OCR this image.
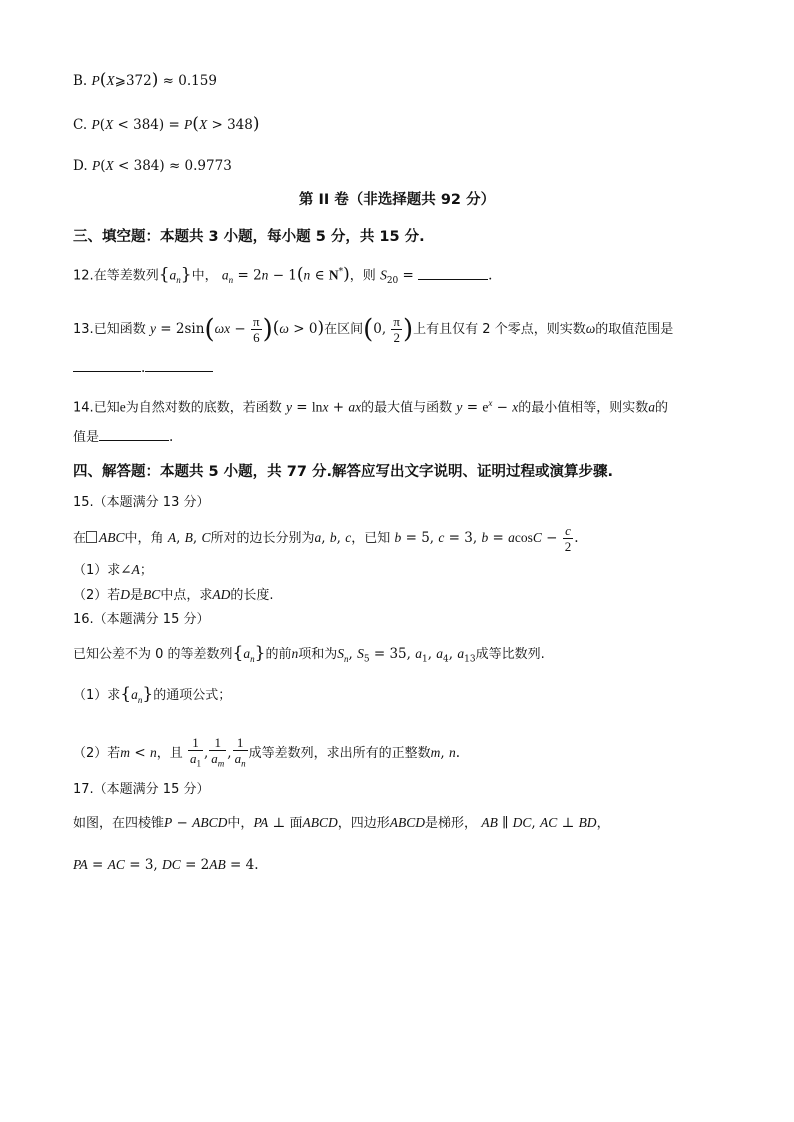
B. P(X⩾372) ≈ 0.159
C. P(X < 384) = P(X > 348)
D. P(X < 384) ≈ 0.9773
第 II 卷（非选择题共 92 分）
三、填空题：本题共 3 小题，每小题 5 分，共 15 分.
12.在等差数列$\{a_n\}$中， $a_n = 2n - 1(n$ ∈ N*)，则 $S_{20}$ =	.
13.已知函数 $y = 2\sin(\omega x - \frac{\pi}{6} )(\omega > 0)$在区间(0, $\frac{\pi}{2}$ )上有且仅有 2 个零点，则实数ω的取值范围是
.
14.已知e为自然对数的底数，若函数 y = lnx + ax的最大值与函数 $y = e^x - x$的最小值相等，则实数a的
值是	.
四、解答题：本题共 5 小题，共 77 分.解答应写出文字说明、证明过程或演算步骤.
15.（本题满分 13 分）
在 ABC中，角 A, B, C所对的边长分别为a, b, c，已知 b = 5, c = 3, $b = acosC - \frac{c}{2}$ .
（1）求∠A；
（2）若D是BC中点，求AD的长度.
16.（本题满分 15 分）
已知公差不为 0 的等差数列$\{a_n\}$的前n项和为$S_n$, $S_5 = 35$, $a_1$, $a_4$, $a_{13}$成等比数列.
（1）求$\{a_n\}$的通项公式；
（2）若m < n，且 $\frac{1}{a_1}$ , $\frac{1}{a_m}$ , $\frac{1}{a_n}$ 成等差数列，求出所有的正整数m, n.
17.（本题满分 15 分）
如图，在四棱锥P − ABCD中，PA ⊥ 面ABCD，四边形ABCD是梯形， AB ∥ DC, AC ⊥ BD，
PA = AC = 3, DC = 2AB = 4.
